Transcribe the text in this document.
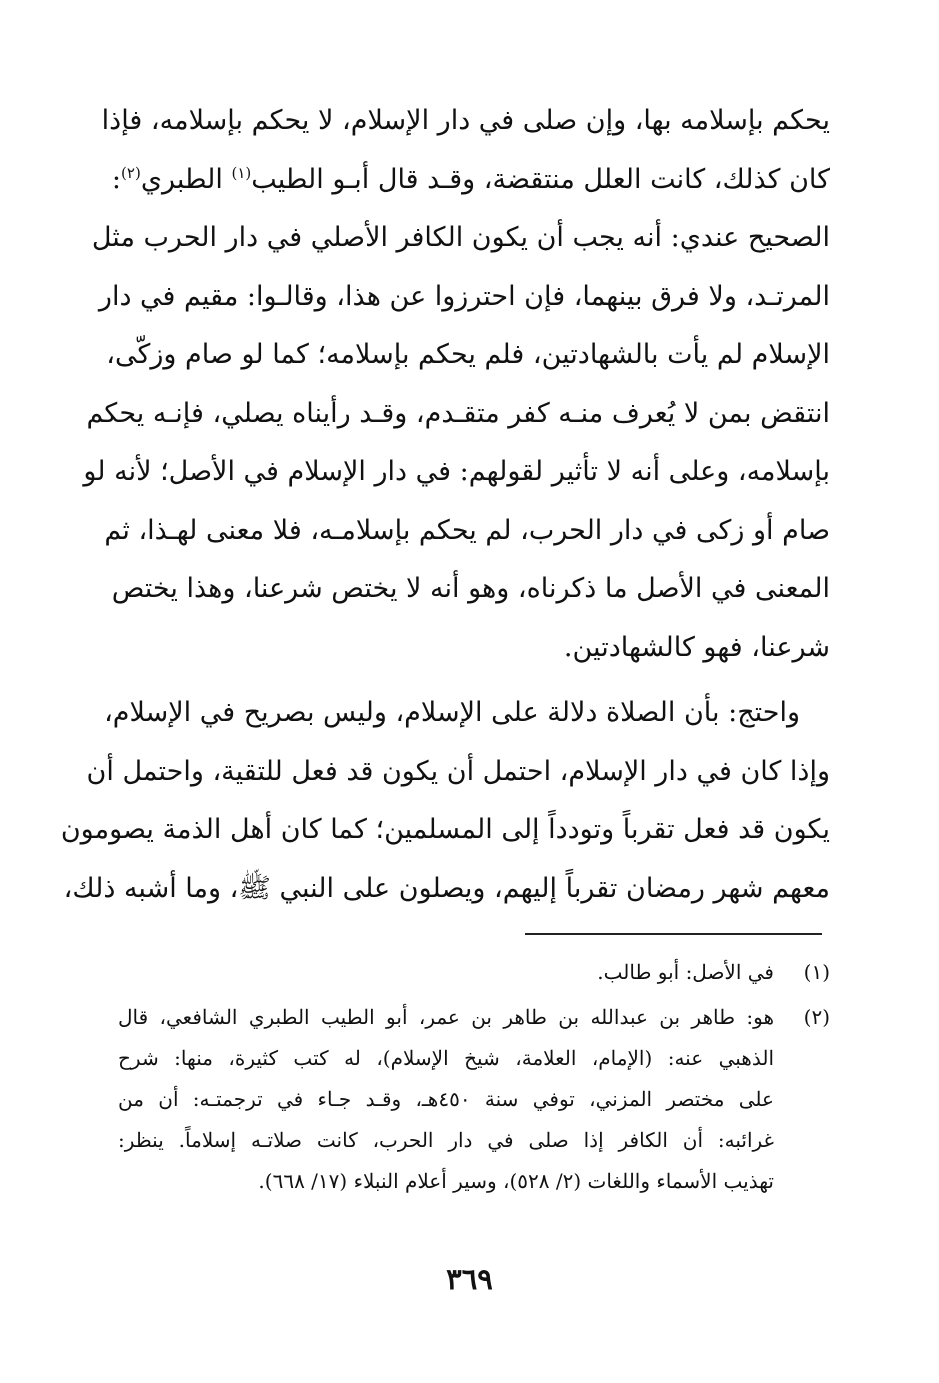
يحكم بإسلامه بها، وإن صلى في دار الإسلام، لا يحكم بإسلامه، فإذا
كان كذلك، كانت العلل منتقضة، وقـد قال أبـو الطيب$^{(١)}$ الطبري$^{(٢)}$:
الصحيح عندي: أنه يجب أن يكون الكافر الأصلي في دار الحرب مثل
المرتـد، ولا فرق بينهما، فإن احترزوا عن هذا، وقالـوا: مقيم في دار
الإسلام لم يأت بالشهادتين، فلم يحكم بإسلامه؛ كما لو صام وزكّى،
انتقض بمن لا يُعرف منـه كفر متقـدم، وقـد رأيناه يصلي، فإنـه يحكم
بإسلامه، وعلى أنه لا تأثير لقولهم: في دار الإسلام في الأصل؛ لأنه لو
صام أو زكى في دار الحرب، لم يحكم بإسلامـه، فلا معنى لهـذا، ثم
المعنى في الأصل ما ذكرناه، وهو أنه لا يختص شرعنا، وهذا يختص
شرعنا، فهو كالشهادتين.
واحتج: بأن الصلاة دلالة على الإسلام، وليس بصريح في الإسلام،
وإذا كان في دار الإسلام، احتمل أن يكون قد فعل للتقية، واحتمل أن
يكون قد فعل تقرباً وتودداً إلى المسلمين؛ كما كان أهل الذمة يصومون
معهم شهر رمضان تقرباً إليهم، ويصلون على النبي ﷺ، وما أشبه ذلك،
(١)
في الأصل: أبو طالب.
(٢)
هو: طاهر بن عبدالله بن طاهر بن عمر، أبو الطيب الطبري الشافعي، قال
الذهبي عنه: (الإمام، العلامة، شيخ الإسلام)، له كتب كثيرة، منها: شرح
على مختصر المزني، توفي سنة ٤٥٠هـ، وقـد جـاء في ترجمتـه: أن من
غرائبه: أن الكافر إذا صلى في دار الحرب، كانت صلاتـه إسلاماً. ينظر:
تهذيب الأسماء واللغات (٢/ ٥٢٨)، وسير أعلام النبلاء (١٧/ ٦٦٨).
٣٦٩
